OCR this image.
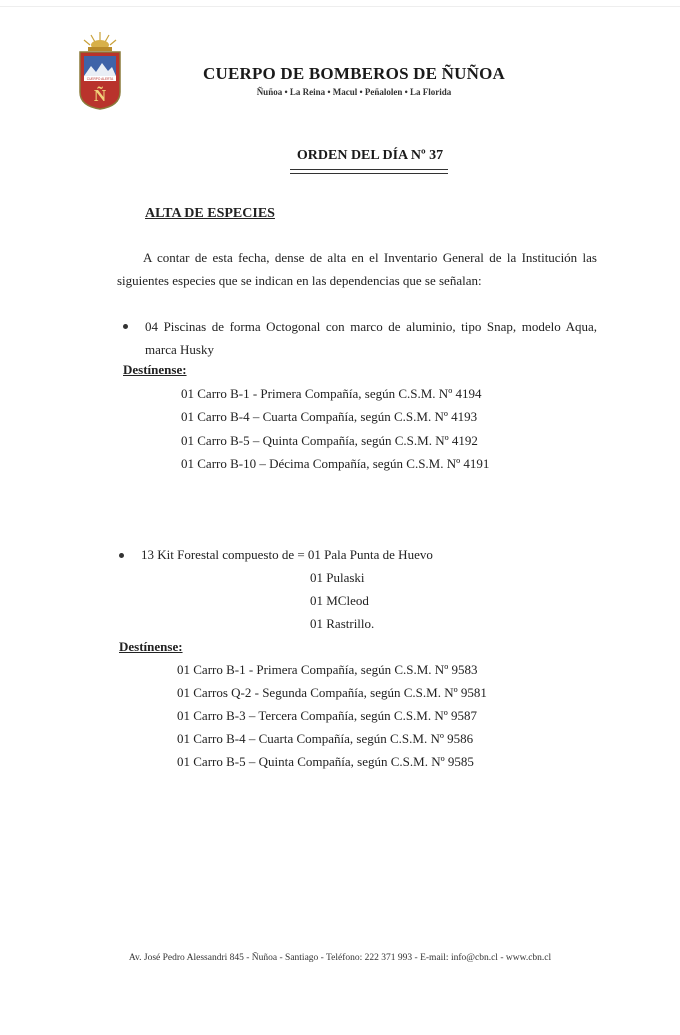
CUERPO ALERTA
Ñ
CUERPO DE BOMBEROS DE ÑUÑOA
Ñuñoa • La Reina • Macul • Peñalolen • La Florida
ORDEN DEL DÍA Nº 37
ALTA DE ESPECIES
A contar de esta fecha, dense de alta en el Inventario General de la Institución las siguientes especies que se indican en las dependencias que se señalan:
04 Piscinas de forma Octogonal con marco de aluminio, tipo Snap, modelo Aqua, marca Husky
Destínense:
01 Carro B-1 - Primera Compañía, según C.S.M. Nº 4194
01 Carro B-4 – Cuarta Compañía, según C.S.M. Nº 4193
01 Carro B-5 – Quinta Compañía, según C.S.M. Nº 4192
01 Carro B-10 – Décima Compañía, según C.S.M. Nº 4191
13 Kit Forestal compuesto de = 01 Pala Punta de Huevo
01 Pulaski
01 MCleod
01 Rastrillo.
Destínense:
01 Carro B-1 - Primera Compañía, según C.S.M. Nº 9583
01 Carros Q-2 - Segunda Compañía, según C.S.M. Nº 9581
01 Carro B-3 – Tercera Compañía, según C.S.M. Nº 9587
01 Carro B-4 – Cuarta Compañía, según C.S.M. Nº 9586
01 Carro B-5 – Quinta Compañía, según C.S.M. Nº 9585
Av. José Pedro Alessandri 845 - Ñuñoa - Santiago - Teléfono: 222 371 993 - E-mail: info@cbn.cl - www.cbn.cl
